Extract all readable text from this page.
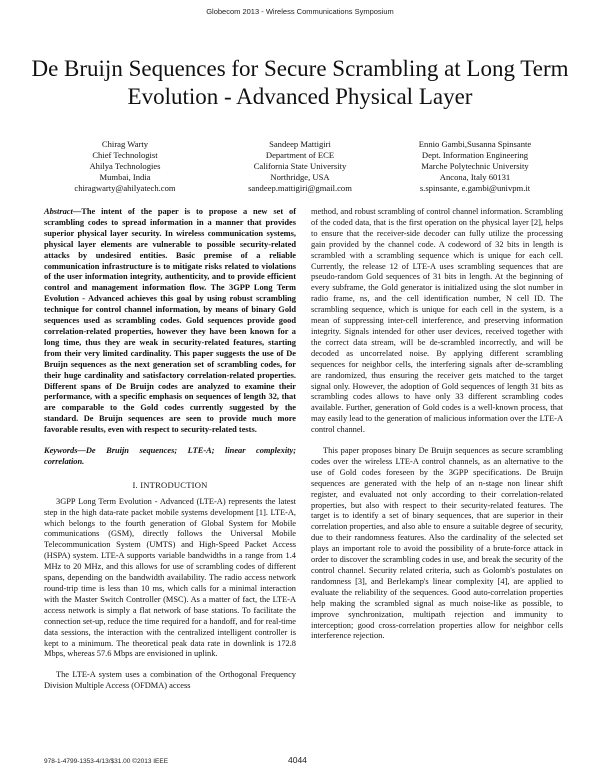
Globecom 2013 - Wireless Communications Symposium
De Bruijn Sequences for Secure Scrambling at Long Term Evolution - Advanced Physical Layer
Chirag Warty
Chief Technologist
Ahilya Technologies
Mumbai, India
chiragwarty@ahilyatech.com
Sandeep Mattigiri
Department of ECE
California State University
Northridge, USA
sandeep.mattigiri@gmail.com
Ennio Gambi,Susanna Spinsante
Dept. Information Engineering
Marche Polytechnic University
Ancona, Italy 60131
s.spinsante, e.gambi@univpm.it

Abstract—The intent of the paper is to propose a new set of scrambling codes to spread information in a manner that provides superior physical layer security. In wireless communication systems, physical layer elements are vulnerable to possible security-related attacks by undesired entities. Basic premise of a reliable communication infrastructure is to mitigate risks related to violations of the user information integrity, authenticity, and to provide efficient control and management information flow. The 3GPP Long Term Evolution - Advanced achieves this goal by using robust scrambling technique for control channel information, by means of binary Gold sequences used as scrambling codes. Gold sequences provide good correlation-related properties, however they have been known for a long time, thus they are weak in security-related features, starting from their very limited cardinality. This paper suggests the use of De Bruijn sequences as the next generation set of scrambling codes, for their huge cardinality and satisfactory correlation-related properties. Different spans of De Bruijn codes are analyzed to examine their performance, with a specific emphasis on sequences of length 32, that are comparable to the Gold codes currently suggested by the standard. De Bruijn sequences are seen to provide much more favorable results, even with respect to security-related tests.

Keywords—De Bruijn sequences; LTE-A; linear complexity; correlation.

I. INTRODUCTION

3GPP Long Term Evolution - Advanced (LTE-A) represents the latest step in the high data-rate packet mobile systems development [1]. LTE-A, which belongs to the fourth generation of Global System for Mobile communications (GSM), directly follows the Universal Mobile Telecommunication System (UMTS) and High-Speed Packet Access (HSPA) system. LTE-A supports variable bandwidths in a range from 1.4 MHz to 20 MHz, and this allows for use of scrambling codes of different spans, depending on the bandwidth availability. The radio access network round-trip time is less than 10 ms, which calls for a minimal interaction with the Master Switch Controller (MSC). As a matter of fact, the LTE-A access network is simply a flat network of base stations. To facilitate the connection set-up, reduce the time required for a handoff, and for real-time data sessions, the interaction with the centralized intelligent controller is kept to a minimum. The theoretical peak data rate in downlink is 172.8 Mbps, whereas 57.6 Mbps are envisioned in uplink.

The LTE-A system uses a combination of the Orthogonal Frequency Division Multiple Access (OFDMA) access

method, and robust scrambling of control channel information. Scrambling of the coded data, that is the first operation on the physical layer [2], helps to ensure that the receiver-side decoder can fully utilize the processing gain provided by the channel code. A codeword of 32 bits in length is scrambled with a scrambling sequence which is unique for each cell. Currently, the release 12 of LTE-A uses scrambling sequences that are pseudo-random Gold sequences of 31 bits in length. At the beginning of every subframe, the Gold generator is initialized using the slot number in radio frame, ns, and the cell identification number, N cell ID. The scrambling sequence, which is unique for each cell in the system, is a mean of suppressing inter-cell interference, and preserving information integrity. Signals intended for other user devices, received together with the correct data stream, will be de-scrambled incorrectly, and will be decoded as uncorrelated noise. By applying different scrambling sequences for neighbor cells, the interfering signals after de-scrambling are randomized, thus ensuring the receiver gets matched to the target signal only. However, the adoption of Gold sequences of length 31 bits as scrambling codes allows to have only 33 different scrambling codes available. Further, generation of Gold codes is a well-known process, that may easily lead to the generation of malicious information over the LTE-A control channel.

This paper proposes binary De Bruijn sequences as secure scrambling codes over the wireless LTE-A control channels, as an alternative to the use of Gold codes foreseen by the 3GPP specifications. De Bruijn sequences are generated with the help of an n-stage non linear shift register, and evaluated not only according to their correlation-related properties, but also with respect to their security-related features. The target is to identify a set of binary sequences, that are superior in their correlation properties, and also able to ensure a suitable degree of security, due to their randomness features. Also the cardinality of the selected set plays an important role to avoid the possibility of a brute-force attack in order to discover the scrambling codes in use, and break the security of the control channel. Security related criteria, such as Golomb's postulates on randomness [3], and Berlekamp's linear complexity [4], are applied to evaluate the reliability of the sequences. Good auto-correlation properties help making the scrambled signal as much noise-like as possible, to improve synchronization, multipath rejection and immunity to interception; good cross-correlation properties allow for neighbor cells interference rejection.

978-1-4799-1353-4/13/$31.00 ©2013 IEEE	4044
